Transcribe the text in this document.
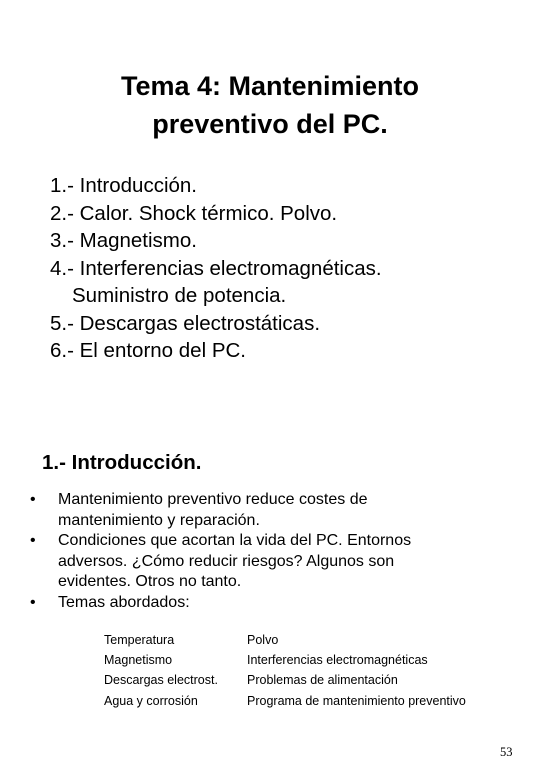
Tema 4: Mantenimiento
preventivo del PC.
1.- Introducción.
2.- Calor. Shock térmico. Polvo.
3.- Magnetismo.
4.- Interferencias electromagnéticas.
Suministro de potencia.
5.- Descargas electrostáticas.
6.- El entorno del PC.
1.- Introducción.
• Mantenimiento preventivo reduce costes de
mantenimiento y reparación.
• Condiciones que acortan la vida del PC. Entornos
adversos. ¿Cómo reducir riesgos? Algunos son
evidentes. Otros no tanto.
• Temas abordados:
Temperatura	Polvo
Magnetismo	Interferencias electromagnéticas
Descargas electrost.	Problemas de alimentación
Agua y corrosión	Programa de mantenimiento preventivo
53
